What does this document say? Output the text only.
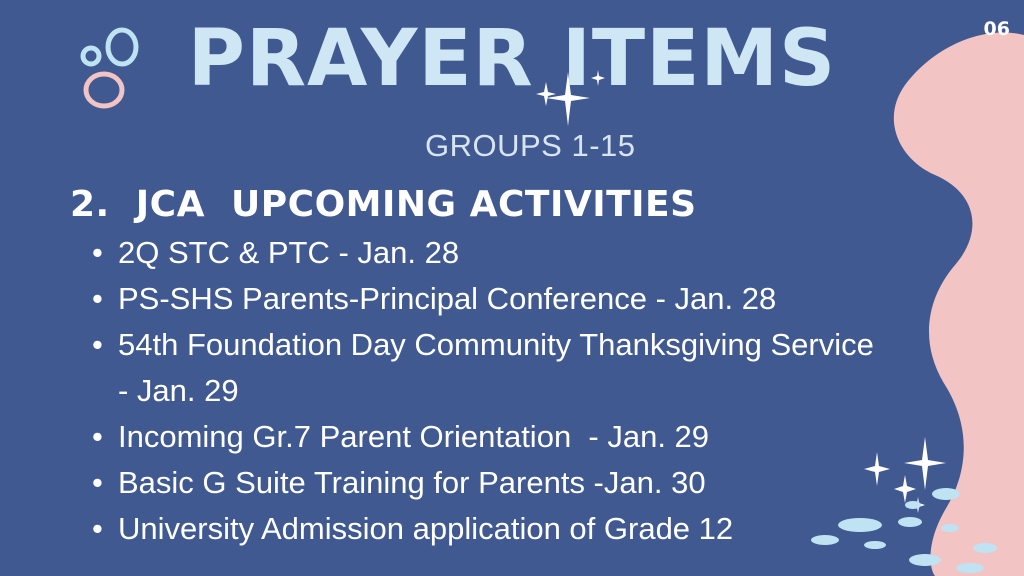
06
PRAYER ITEMS
GROUPS 1-15
2.  JCA  UPCOMING ACTIVITIES
• 2Q STC & PTC - Jan. 28
• PS-SHS Parents-Principal Conference - Jan. 28
• 54th Foundation Day Community Thanksgiving Service
- Jan. 29
• Incoming Gr.7 Parent Orientation  - Jan. 29
• Basic G Suite Training for Parents -Jan. 30
• University Admission application of Grade 12
